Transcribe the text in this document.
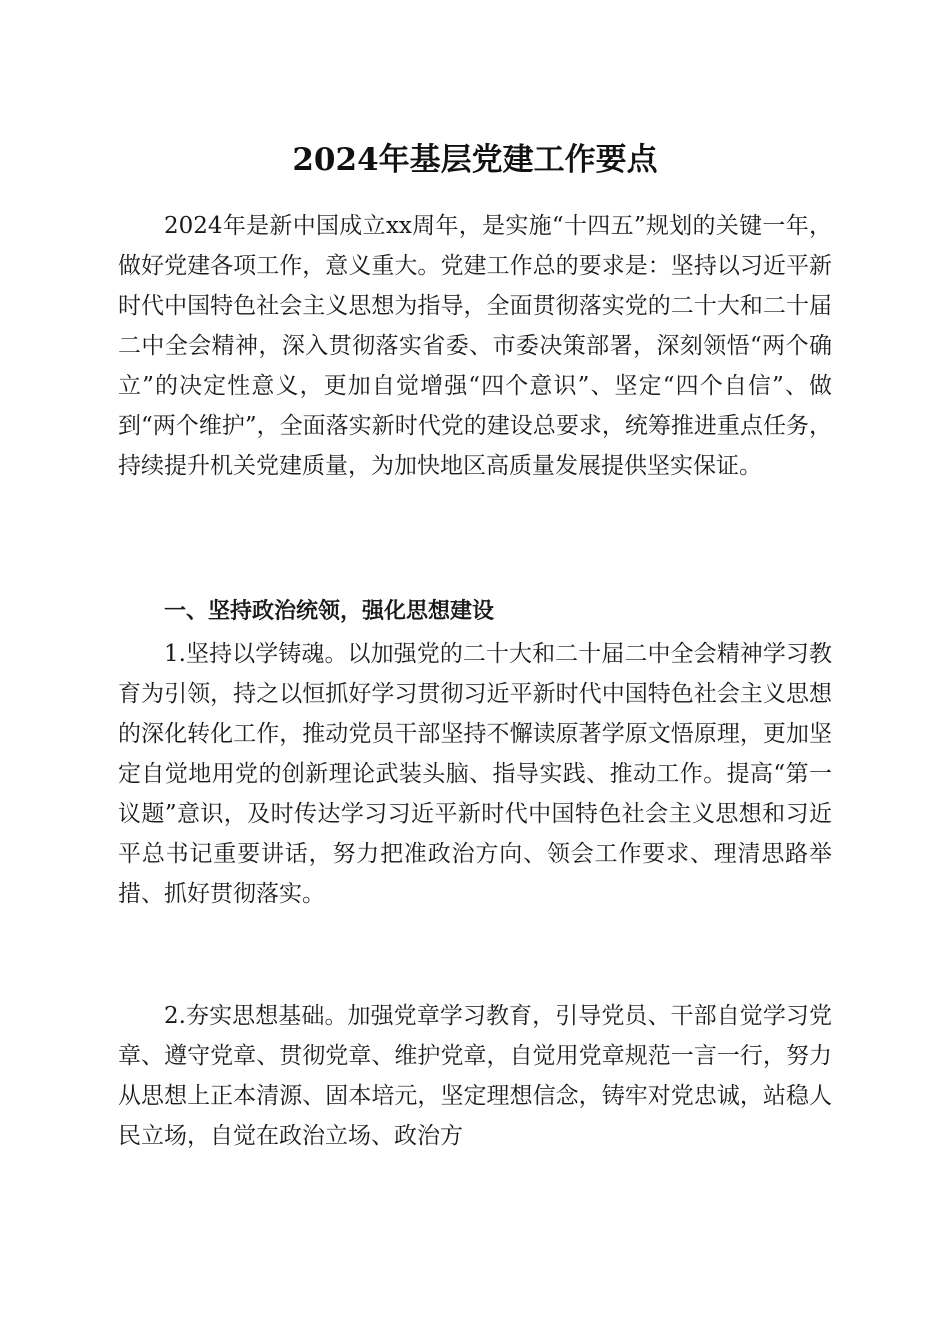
2024年基层党建工作要点

2024年是新中国成立xx周年，是实施“十四五”规划的关键一年，做好党建各项工作，意义重大。党建工作总的要求是：坚持以习近平新时代中国特色社会主义思想为指导，全面贯彻落实党的二十大和二十届二中全会精神，深入贯彻落实省委、市委决策部署，深刻领悟“两个确立”的决定性意义，更加自觉增强“四个意识”、坚定“四个自信”、做到“两个维护”，全面落实新时代党的建设总要求，统筹推进重点任务，持续提升机关党建质量，为加快地区高质量发展提供坚实保证。

一、坚持政治统领，强化思想建设

1.坚持以学铸魂。以加强党的二十大和二十届二中全会精神学习教育为引领，持之以恒抓好学习贯彻习近平新时代中国特色社会主义思想的深化转化工作，推动党员干部坚持不懈读原著学原文悟原理，更加坚定自觉地用党的创新理论武装头脑、指导实践、推动工作。提高“第一议题”意识，及时传达学习习近平新时代中国特色社会主义思想和习近平总书记重要讲话，努力把准政治方向、领会工作要求、理清思路举措、抓好贯彻落实。

2.夯实思想基础。加强党章学习教育，引导党员、干部自觉学习党章、遵守党章、贯彻党章、维护党章，自觉用党章规范一言一行，努力从思想上正本清源、固本培元，坚定理想信念，铸牢对党忠诚，站稳人民立场，自觉在政治立场、政治方
